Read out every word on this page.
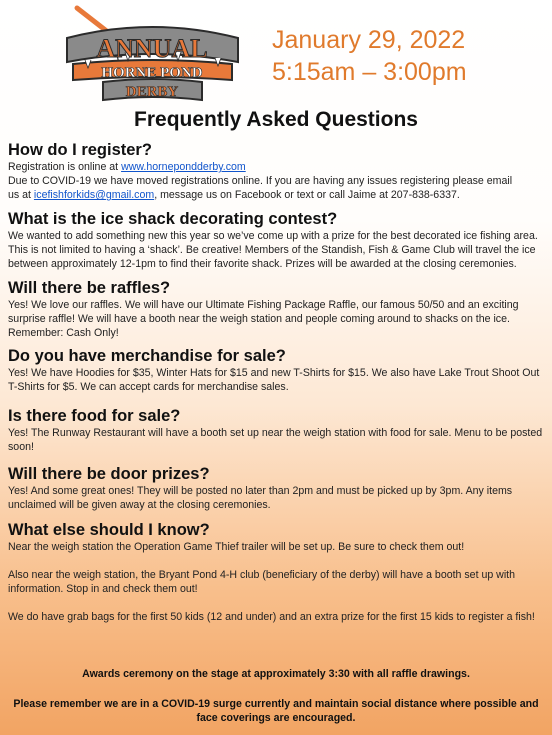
ANNUAL
HORNE POND
DERBY
January 29, 2022
5:15am – 3:00pm
Frequently Asked Questions

How do I register?

Registration is online at www.hornepondderby.com

Due to COVID-19 we have moved registrations online. If you are having any issues registering please email

us at icefishforkids@gmail.com, message us on Facebook or text or call Jaime at 207-838-6337.

What is the ice shack decorating contest?

We wanted to add something new this year so we’ve come up with a prize for the best decorated ice fishing area. This is not limited to having a ‘shack’. Be creative! Members of the Standish, Fish & Game Club will travel the ice between approximately 12-1pm to find their favorite shack. Prizes will be awarded at the closing ceremonies.

Will there be raffles?

Yes! We love our raffles. We will have our Ultimate Fishing Package Raffle, our famous 50/50 and an exciting surprise raffle! We will have a booth near the weigh station and people coming around to shacks on the ice. Remember: Cash Only!

Do you have merchandise for sale?

Yes! We have Hoodies for $35, Winter Hats for $15 and new T-Shirts for $15. We also have Lake Trout Shoot Out T-Shirts for $5. We can accept cards for merchandise sales.

Is there food for sale?

Yes! The Runway Restaurant will have a booth set up near the weigh station with food for sale. Menu to be posted soon!

Will there be door prizes?

Yes! And some great ones! They will be posted no later than 2pm and must be picked up by 3pm. Any items unclaimed will be given away at the closing ceremonies.

What else should I know?

Near the weigh station the Operation Game Thief trailer will be set up. Be sure to check them out!

Also near the weigh station, the Bryant Pond 4-H club (beneficiary of the derby) will have a booth set up with information. Stop in and check them out!

We do have grab bags for the first 50 kids (12 and under) and an extra prize for the first 15 kids to register a fish!

Awards ceremony on the stage at approximately 3:30 with all raffle drawings.
Please remember we are in a COVID-19 surge currently and maintain social distance where possible and face coverings are encouraged.
